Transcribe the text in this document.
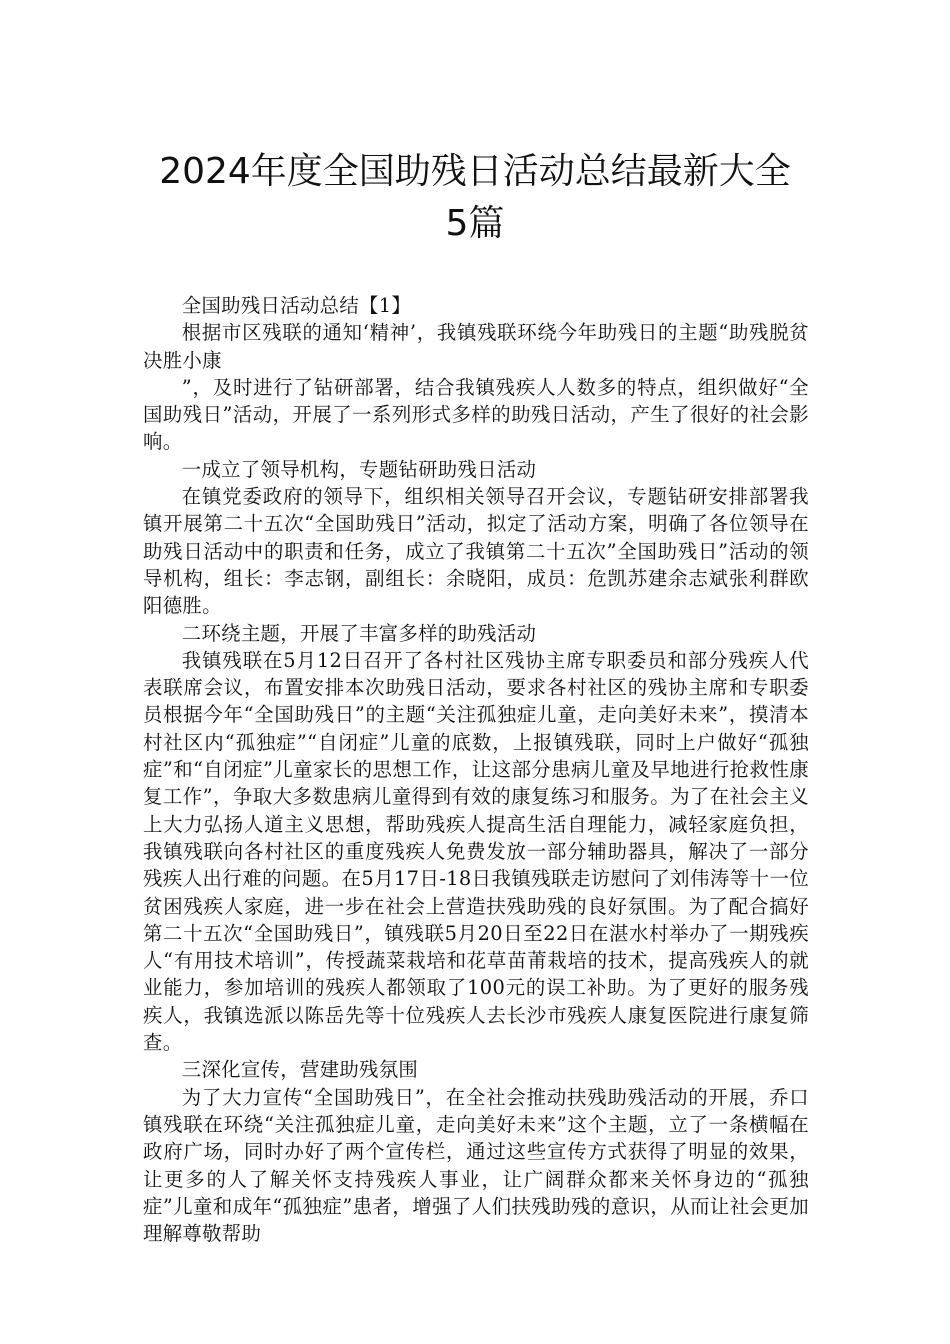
2024年度全国助残日活动总结最新大全
5篇

全国助残日活动总结【1】

根据市区残联的通知‘精神’，我镇残联环绕今年助残日的主题“助残脱贫决胜小康

”，及时进行了钻研部署，结合我镇残疾人人数多的特点，组织做好“全国助残日”活动，开展了一系列形式多样的助残日活动，产生了很好的社会影响。

一成立了领导机构，专题钻研助残日活动

在镇党委政府的领导下，组织相关领导召开会议，专题钻研安排部署我镇开展第二十五次“全国助残日”活动，拟定了活动方案，明确了各位领导在助残日活动中的职责和任务，成立了我镇第二十五次”全国助残日”活动的领导机构，组长：李志钢，副组长：余晓阳，成员：危凯苏建余志斌张利群欧阳德胜。

二环绕主题，开展了丰富多样的助残活动

我镇残联在5月12日召开了各村社区残协主席专职委员和部分残疾人代表联席会议，布置安排本次助残日活动，要求各村社区的残协主席和专职委员根据今年“全国助残日”的主题“关注孤独症儿童，走向美好未来”，摸清本村社区内“孤独症”“自闭症”儿童的底数，上报镇残联，同时上户做好“孤独症”和“自闭症”儿童家长的思想工作，让这部分患病儿童及早地进行抢救性康复工作”，争取大多数患病儿童得到有效的康复练习和服务。为了在社会主义上大力弘扬人道主义思想，帮助残疾人提高生活自理能力，减轻家庭负担，我镇残联向各村社区的重度残疾人免费发放一部分辅助器具，解决了一部分残疾人出行难的问题。在5月17日-18日我镇残联走访慰问了刘伟涛等十一位贫困残疾人家庭，进一步在社会上营造扶残助残的良好氛围。为了配合搞好第二十五次“全国助残日”，镇残联5月20日至22日在湛水村举办了一期残疾人“有用技术培训”，传授蔬菜栽培和花草苗莆栽培的技术，提高残疾人的就业能力，参加培训的残疾人都领取了100元的误工补助。为了更好的服务残疾人，我镇选派以陈岳先等十位残疾人去长沙市残疾人康复医院进行康复筛查。

三深化宣传，营建助残氛围

为了大力宣传“全国助残日”，在全社会推动扶残助残活动的开展，乔口镇残联在环绕“关注孤独症儿童，走向美好未来”这个主题，立了一条横幅在政府广场，同时办好了两个宣传栏，通过这些宣传方式获得了明显的效果，让更多的人了解关怀支持残疾人事业，让广阔群众都来关怀身边的“孤独症”儿童和成年“孤独症”患者，增强了人们扶残助残的意识，从而让社会更加理解尊敬帮助
